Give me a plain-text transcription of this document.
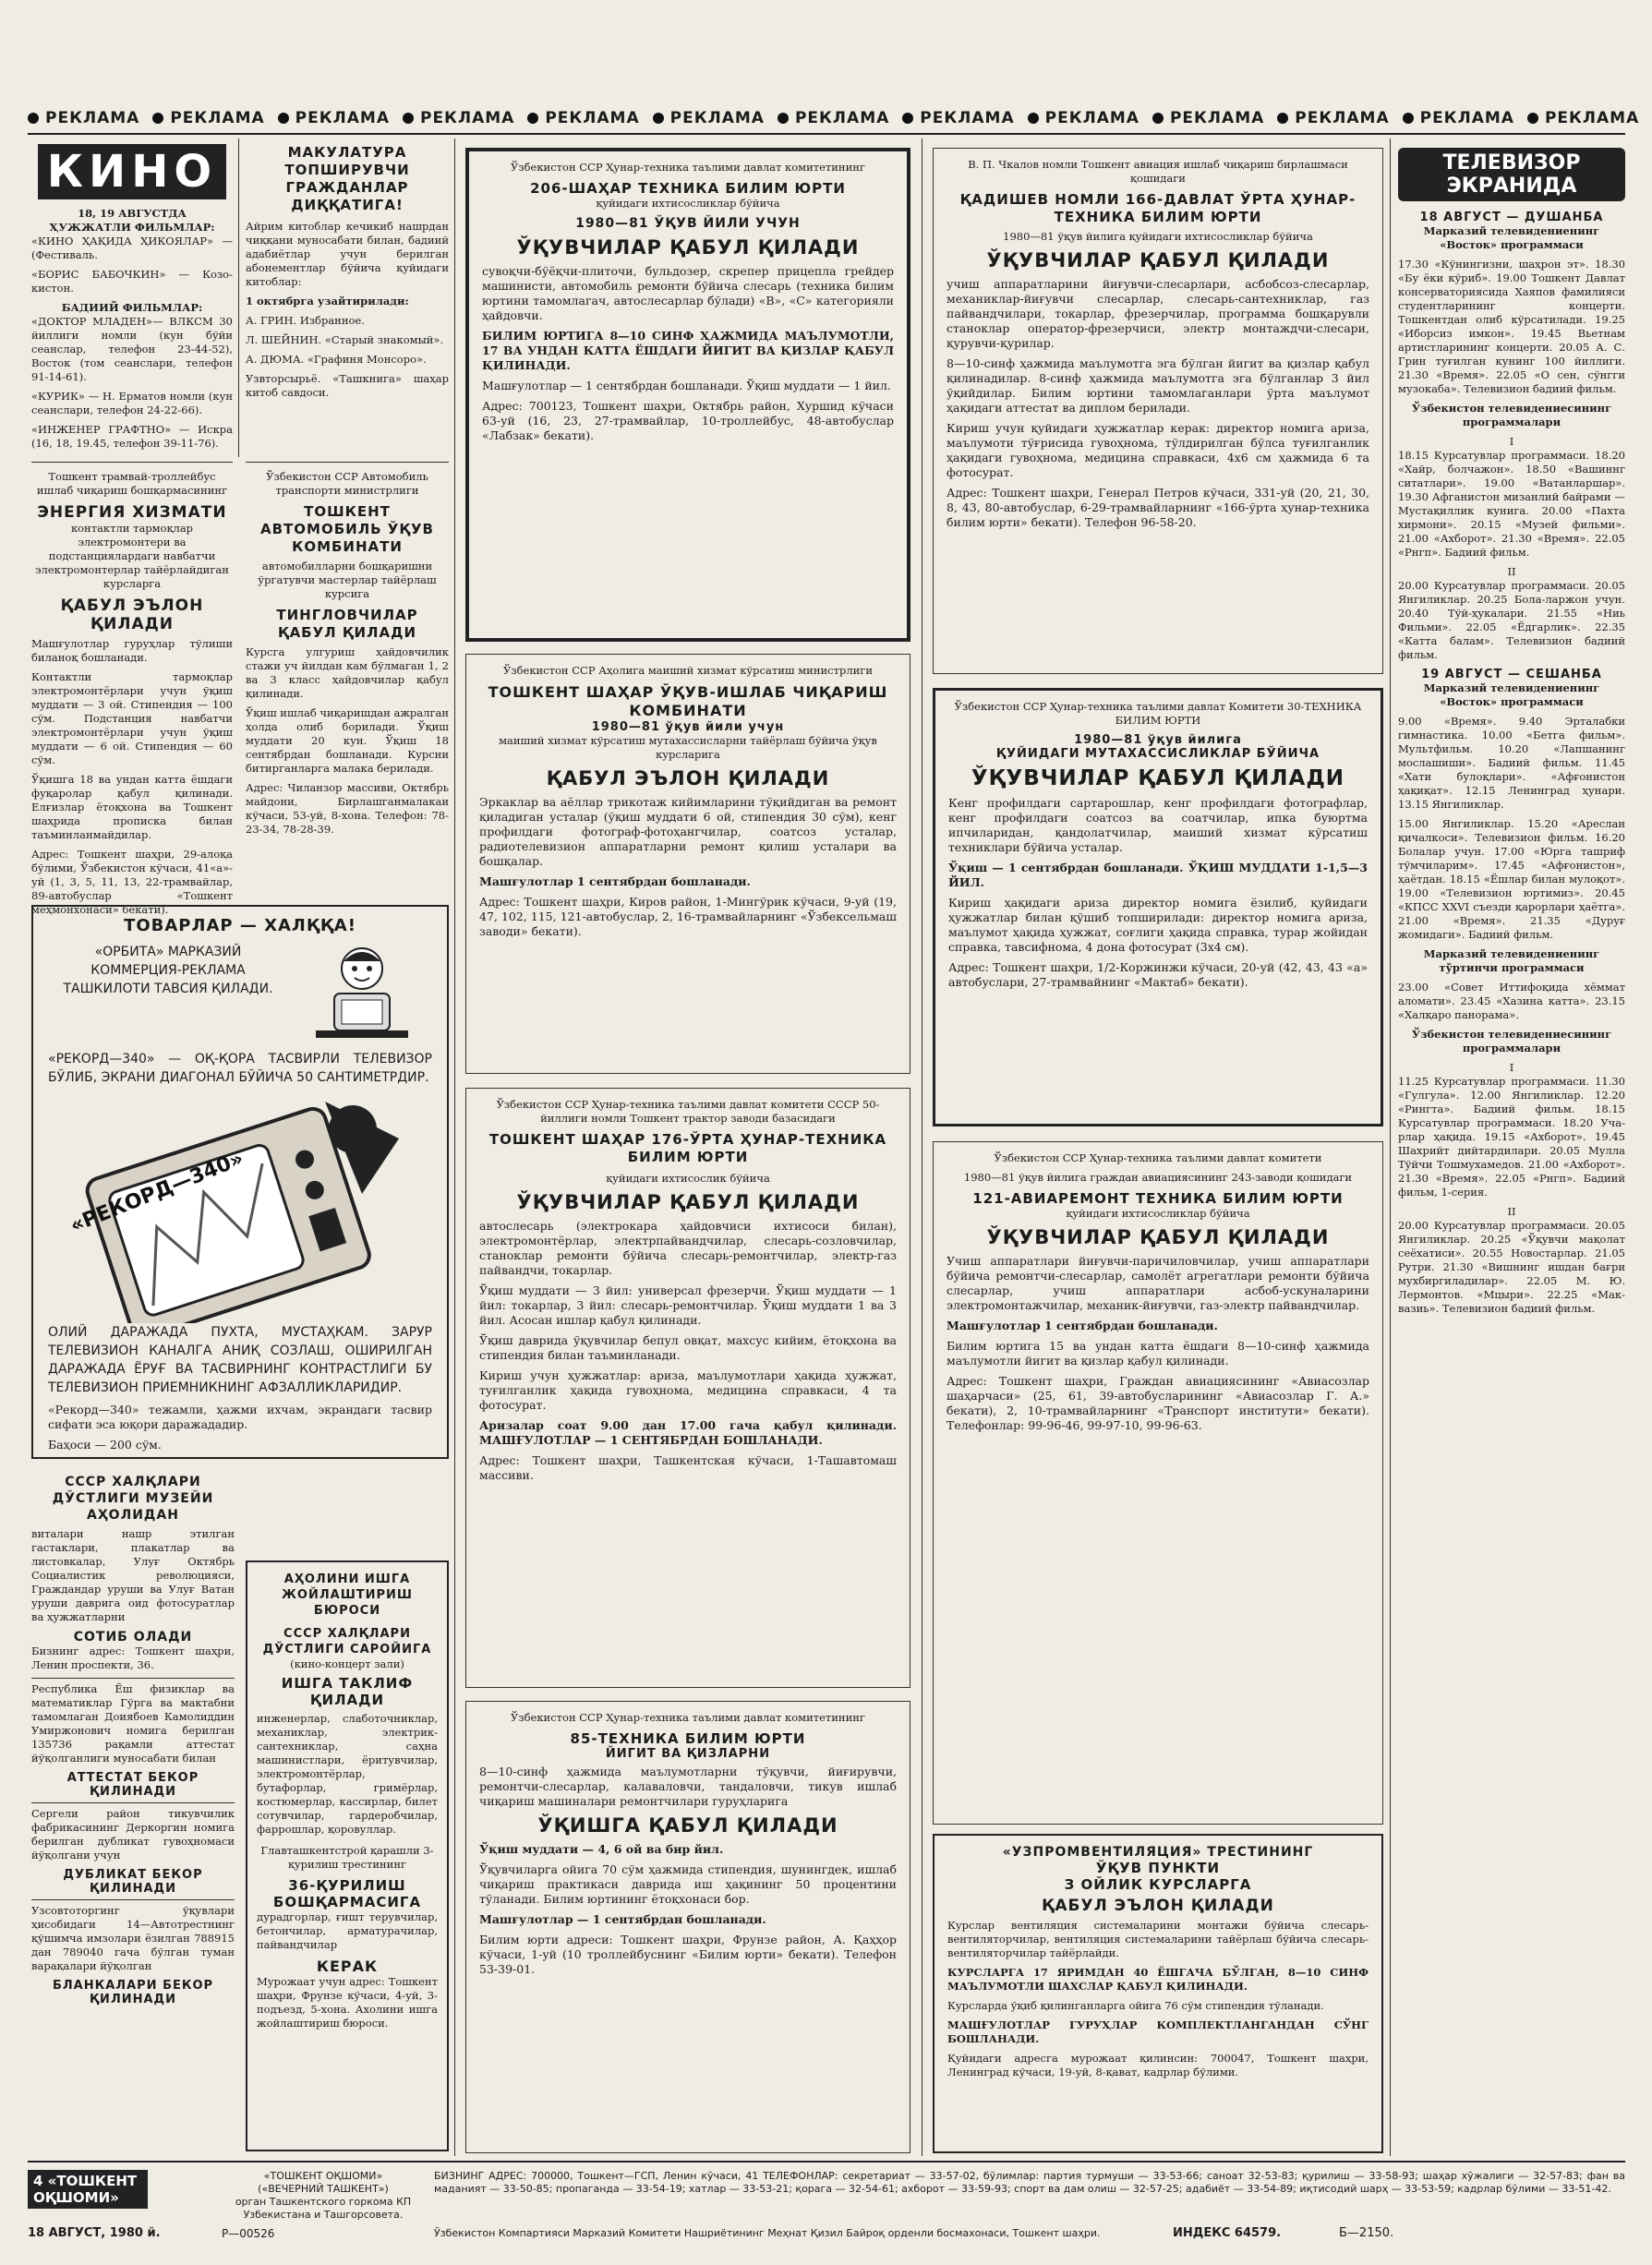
РЕКЛАМА РЕКЛАМА РЕКЛАМА РЕКЛАМА РЕКЛАМА РЕКЛАМА РЕКЛАМА РЕКЛАМА РЕКЛАМА РЕКЛАМА РЕКЛАМА РЕКЛАМА РЕКЛАМА
КИНО
18, 19 АВГУСТДА
ҲУЖЖАТЛИ ФИЛЬМЛАР:

«КИНО ҲАҚИДА ҲИКОЯЛАР» — (Фестиваль.

«БОРИС БАБОЧКИН» — Козо-кистон.

БАДИИЙ ФИЛЬМЛАР:

«ДОКТОР МЛАДЕН»— ВЛКСМ 30 йиллиги номли (кун бўйи сеанслар, телефон 23-44-52), Восток (том сеанслари, телефон 91-14-61).

«КУРИК» — Н. Ерматов номли (кун сеанслари, телефон 24-22-66).

«ИНЖЕНЕР ГРАФТНО» — Искра (16, 18, 19.45, телефон 39-11-76).

Тошкент трамвай-троллейбус ишлаб чиқариш бошқармасининг

ЭНЕРГИЯ ХИЗМАТИ

контактли тармоқлар электромонтери ва подстанциялардаги навбатчи электромонтерлар тайёрлайдиган курсларга

ҚАБУЛ ЭЪЛОН ҚИЛАДИ

Машғулотлар гуруҳлар тўлиши биланоқ бошланади.

Контактли тармоқлар электромонтёрлари учун ўқиш муддати — 3 ой. Стипендия — 100 сўм. Подстанция навбатчи электромонтёрлари учун ўқиш муддати — 6 ой. Стипендия — 60 сўм.

Ўқишга 18 ва ундан катта ёшдаги фуқаролар қабул қилинади. Елғизлар ётоқхона ва Тошкент шаҳрида прописка билан таъминланмайдилар.

Адрес: Тошкент шаҳри, 29-алоқа бўлими, Ўзбекистон кўчаси, 41«а»-уй (1, 3, 5, 11, 13, 22-трамвайлар, 89-автобуслар «Тошкент меҳмонхонаси» бекати).

МАКУЛАТУРА ТОПШИРУВЧИ ГРАЖДАНЛАР ДИҚҚАТИГА!

Айрим китоблар кечикиб нашрдан чиққани муносабати билан, бадиий адабиётлар учун берилган абонементлар бўйича қуйидаги китоблар:

1 октябрга узайтирилади:

А. ГРИН. Избранное.

Л. ШЕЙНИН. «Старый знакомый».

А. ДЮМА. «Графиня Монсоро».

Узвторсырьё. «Ташкнига» шаҳар китоб савдоси.

Ўзбекистон ССР Автомобиль транспорти министрлиги

ТОШКЕНТ АВТОМОБИЛЬ ЎҚУВ КОМБИНАТИ

автомобилларни бошқаришни ўргатувчи мастерлар тайёрлаш курсига

ТИНГЛОВЧИЛАР ҚАБУЛ ҚИЛАДИ

Курсга улгуриш ҳайдовчилик стажи уч йилдан кам бўлмаган 1, 2 ва 3 класс ҳайдовчилар қабул қилинади.

Ўқиш ишлаб чиқаришдан ажралган ҳолда олиб борилади. Ўқиш муддати 20 кун. Ўқиш 18 сентябрдан бошланади. Курсни битирганларга малака берилади.

Адрес: Чиланзор массиви, Октябрь майдони, Бирлашганмалакаи кўчаси, 53-уй, 8-хона. Телефон: 78-23-34, 78-28-39.

ТОВАРЛАР — ХАЛҚҚА!

«ОРБИТА» МАРКАЗИЙ КОММЕРЦИЯ-РЕКЛАМА ТАШКИЛОТИ ТАВСИЯ ҚИЛАДИ.

«РЕКОРД—340» — ОҚ-ҚОРА ТАСВИРЛИ ТЕЛЕВИЗОР БЎЛИБ, ЭКРАНИ ДИАГОНАЛ БЎЙИЧА 50 САНТИМЕТРДИР.

«РЕКОРД—340»

ОЛИЙ ДАРАЖАДА ПУХТА, МУСТАҲКАМ. ЗАРУР ТЕЛЕВИЗИОН КАНАЛГА АНИҚ СОЗЛАШ, ОШИРИЛГАН ДАРАЖАДА ЁРУҒ ВА ТАСВИРНИНГ КОНТРАСТЛИГИ БУ ТЕЛЕВИЗИОН ПРИЕМНИКНИНГ АФЗАЛЛИКЛАРИДИР.

«Рекорд—340» тежамли, ҳажми ихчам, экрандаги тасвир сифати эса юқори даражададир.

Баҳоси — 200 сўм.

СССР ХАЛҚЛАРИ ДЎСТЛИГИ МУЗЕЙИ АҲОЛИДАН

виталари нашр этилган гастаклари, плакатлар ва листовкалар, Улуғ Октябрь Социалистик революцияси, Граждандар уруши ва Улуғ Ватан уруши даврига оид фотосуратлар ва ҳужжатларни

СОТИБ ОЛАДИ

Бизнинг адрес: Тошкент шаҳри, Ленин проспекти, 36.

Республика Ёш физиклар ва математиклар Гўрга ва мактабни тамомлаган Доиябоев Камолиддин Умиржонович номига берилган 135736 рақамли аттестат йўқолганлиги муносабати билан

АТТЕСТАТ БЕКОР ҚИЛИНАДИ

Сергели район тикувчилик фабрикасининг Деркоргин номига берилган дубликат гувоҳномаси йўқолгани учун

ДУБЛИКАТ БЕКОР ҚИЛИНАДИ

Узсовтоторгинг ўқувлари ҳисобидаги 14—Автотрестнинг қўшимча имзолари ёзилган 788915 дан 789040 гача бўлган туман варақалари йўқолган

БЛАНКАЛАРИ БЕКОР ҚИЛИНАДИ
АҲОЛИНИ ИШГА ЖОЙЛАШТИРИШ БЮРОСИ
СССР ХАЛҚЛАРИ ДЎСТЛИГИ САРОЙИГА
(кино-концерт зали)
ИШГА ТАКЛИФ ҚИЛАДИ

инженерлар, слаботочниклар, механиклар, электрик-сантехниклар, саҳна машинистлари, ёритувчилар, электромонтёрлар, бутафорлар, гримёрлар, костюмерлар, кассирлар, билет сотувчилар, гардеробчилар, фаррошлар, қоровуллар.

Главташкентстрой қарашли 3-қурилиш трестининг

36-ҚУРИЛИШ БОШҚАРМАСИГА

дурадгорлар, ғишт терувчилар, бетончилар, арматурачилар, пайвандчилар

КЕРАК

Мурожаат учун адрес: Тошкент шаҳри, Фрунзе кўчаси, 4-уй, 3-подъезд, 5-хона. Ахолини ишга жойлаштириш бюроси.

Ўзбекистон ССР Ҳунар-техника таълими давлат комитетининг

206-ШАҲАР ТЕХНИКА БИЛИМ ЮРТИ

қуйидаги ихтисосликлар бўйича

1980—81 ЎҚУВ ЙИЛИ УЧУН
ЎҚУВЧИЛАР ҚАБУЛ ҚИЛАДИ

сувоқчи-бўёқчи-плиточи, бульдозер, скрепер прицепла грейдер машинисти, автомобиль ремонти бўйича слесарь (техника билим юртини тамомлагач, автослесарлар бўлади) «В», «С» категорияли ҳайдовчи.

БИЛИМ ЮРТИГА 8—10 СИНФ ҲАЖМИДА МАЪЛУМОТЛИ, 17 ВА УНДАН КАТТА ЁШДАГИ ЙИГИТ ВА ҚИЗЛАР ҚАБУЛ ҚИЛИНАДИ.

Машғулотлар — 1 сентябрдан бошланади. Ўқиш муддати — 1 йил.

Адрес: 700123, Тошкент шаҳри, Октябрь район, Хуршид кўчаси 63-уй (16, 23, 27-трамвайлар, 10-троллейбус, 48-автобуслар «Лабзак» бекати).

Ўзбекистон ССР Аҳолига маиший хизмат кўрсатиш министрлиги

ТОШКЕНТ ШАҲАР ЎҚУВ-ИШЛАБ ЧИҚАРИШ КОМБИНАТИ
1980—81 ўқув йили учун

маиший хизмат кўрсатиш мутахассисларни тайёрлаш бўйича ўқув курсларига

ҚАБУЛ ЭЪЛОН ҚИЛАДИ

Эркаклар ва аёллар трикотаж кийимларини тўқийдиган ва ремонт қиладиган усталар (ўқиш муддати 6 ой, стипендия 30 сўм), кенг профилдаги фотограф-фотоҳангчилар, соатсоз усталар, радиотелевизион аппаратларни ремонт қилиш усталари ва бошқалар.

Машғулотлар 1 сентябрдан бошланади.

Адрес: Тошкент шаҳри, Киров район, 1-Мингўрик кўчаси, 9-уй (19, 47, 102, 115, 121-автобуслар, 2, 16-трамвайларнинг «Ўзбексельмаш заводи» бекати).

Ўзбекистон ССР Ҳунар-техника таълими давлат комитети СССР 50-йиллиги номли Тошкент трактор заводи базасидаги

ТОШКЕНТ ШАҲАР 176-ЎРТА ҲУНАР-ТЕХНИКА БИЛИМ ЮРТИ

қуйидаги ихтисослик бўйича

ЎҚУВЧИЛАР ҚАБУЛ ҚИЛАДИ

автослесарь (электрокара ҳайдовчиси ихтисоси билан), электромонтёрлар, электрпайвандчилар, слесарь-созловчилар, станоклар ремонти бўйича слесарь-ремонтчилар, электр-газ пайвандчи, токарлар.

Ўқиш муддати — 3 йил: универсал фрезерчи. Ўқиш муддати — 1 йил: токарлар, 3 йил: слесарь-ремонтчилар. Ўқиш муддати 1 ва 3 йил. Асосан ишлар қабул қилинади.

Ўқиш даврида ўқувчилар бепул овқат, махсус кийим, ётоқхона ва стипендия билан таъминланади.

Кириш учун ҳужжатлар: ариза, маълумотлари ҳақида ҳужжат, туғилганлик ҳақида гувоҳнома, медицина справкаси, 4 та фотосурат.

Аризалар соат 9.00 дан 17.00 гача қабул қилинади. МАШҒУЛОТЛАР — 1 СЕНТЯБРДАН БОШЛАНАДИ.

Адрес: Тошкент шаҳри, Ташкентская кўчаси, 1-Ташавтомаш массиви.

Ўзбекистон ССР Ҳунар-техника таълими давлат комитетининг

85-ТЕХНИКА БИЛИМ ЮРТИ
ЙИГИТ ВА ҚИЗЛАРНИ

8—10-синф ҳажмида маълумотларни тўқувчи, йиғирувчи, ремонтчи-слесарлар, калаваловчи, тандаловчи, тикув ишлаб чиқариш машиналари ремонтчилари гуруҳларига

ЎҚИШГА ҚАБУЛ ҚИЛАДИ

Ўқиш муддати — 4, 6 ой ва бир йил.

Ўқувчиларга ойига 70 сўм ҳажмида стипендия, шунингдек, ишлаб чиқариш практикаси даврида иш ҳақининг 50 процентини тўланади. Билим юртининг ётоқхонаси бор.

Машғулотлар — 1 сентябрдан бошланади.

Билим юрти адреси: Тошкент шаҳри, Фрунзе район, А. Қаҳҳор кўчаси, 1-уй (10 троллейбуснинг «Билим юрти» бекати). Телефон 53-39-01.

В. П. Чкалов номли Тошкент авиация ишлаб чиқариш бирлашмаси қошидаги

ҚАДИШЕВ НОМЛИ 166-ДАВЛАТ ЎРТА ҲУНАР-ТЕХНИКА БИЛИМ ЮРТИ

1980—81 ўқув йилига қуйидаги ихтисосликлар бўйича

ЎҚУВЧИЛАР ҚАБУЛ ҚИЛАДИ

учиш аппаратларини йиғувчи-слесарлари, асбобсоз-слесарлар, механиклар-йиғувчи слесарлар, слесарь-сантехниклар, газ пайвандчилари, токарлар, фрезерчилар, программа бошқарувли станоклар оператор-фрезерчиси, электр монтаждчи-слесари, қурувчи-қурилар.

8—10-синф ҳажмида маълумотга эга бўлган йигит ва қизлар қабул қилинадилар. 8-синф ҳажмида маълумотга эга бўлганлар 3 йил ўқийдилар. Билим юртини тамомлаганлари ўрта маълумот ҳақидаги аттестат ва диплом берилади.

Кириш учун қуйидаги ҳужжатлар керак: директор номига ариза, маълумоти тўғрисида гувоҳнома, тўлдирилган бўлса туғилганлик ҳақидаги гувоҳнома, медицина справкаси, 4х6 см ҳажмида 6 та фотосурат.

Адрес: Тошкент шаҳри, Генерал Петров кўчаси, 331-уй (20, 21, 30, 8, 43, 80-автобуслар, 6-29-трамвайларнинг «166-ўрта ҳунар-техника билим юрти» бекати). Телефон 96-58-20.

Ўзбекистон ССР Ҳунар-техника таълими давлат Комитети 30-ТЕХНИКА БИЛИМ ЮРТИ

1980—81 ўқув йилига
ҚУЙИДАГИ МУТАХАССИСЛИКЛАР БЎЙИЧА
ЎҚУВЧИЛАР ҚАБУЛ ҚИЛАДИ

Кенг профилдаги сартарошлар, кенг профилдаги фотографлар, кенг профилдаги соатсоз ва соатчилар, ипка буюртма ипчиларидан, қандолатчилар, маиший хизмат кўрсатиш техниклари бўйича усталар.

Ўқиш — 1 сентябрдан бошланади. ЎҚИШ МУДДАТИ 1-1,5—3 ЙИЛ.

Кириш ҳақидаги ариза директор номига ёзилиб, қуйидаги ҳужжатлар билан қўшиб топширилади: директор номига ариза, маълумот ҳақида ҳужжат, соғлиги ҳақида справка, турар жойидан справка, тавсифнома, 4 дона фотосурат (3х4 см).

Адрес: Тошкент шаҳри, 1/2-Коржинжи кўчаси, 20-уй (42, 43, 43 «а» автобуслари, 27-трамвайнинг «Мактаб» бекати).

Ўзбекистон ССР Ҳунар-техника таълими давлат комитети

1980—81 ўқув йилига граждан авиациясининг 243-заводи қошидаги

121-АВИАРЕМОНТ ТЕХНИКА БИЛИМ ЮРТИ

қуйидаги ихтисосликлар бўйича

ЎҚУВЧИЛАР ҚАБУЛ ҚИЛАДИ

Учиш аппаратлари йиғувчи-паричиловчилар, учиш аппаратлари бўйича ремонтчи-слесарлар, самолёт агрегатлари ремонти бўйича слесарлар, учиш аппаратлари асбоб-ускуналарини электромонтажчилар, механик-йиғувчи, газ-электр пайвандчилар.

Машғулотлар 1 сентябрдан бошланади.

Билим юртига 15 ва ундан катта ёшдаги 8—10-синф ҳажмида маълумотли йигит ва қизлар қабул қилинади.

Адрес: Тошкент шаҳри, Граждан авиациясининг «Авиасозлар шаҳарчаси» (25, 61, 39-автобусларининг «Авиасозлар Г. А.» бекати), 2, 10-трамвайларнинг «Транспорт институти» бекати). Телефонлар: 99-96-46, 99-97-10, 99-96-63.

«УЗПРОМВЕНТИЛЯЦИЯ» ТРЕСТИНИНГ
ЎҚУВ ПУНКТИ
З ОЙЛИК КУРСЛАРГА
ҚАБУЛ ЭЪЛОН ҚИЛАДИ

Курслар вентиляция системаларини монтажи бўйича слесарь-вентиляторчилар, вентиляция системаларини тайёрлаш бўйича слесарь-вентиляторчилар тайёрлайди.

КУРСЛАРГА 17 ЯРИМДАН 40 ЁШГАЧА БЎЛГАН, 8—10 СИНФ МАЪЛУМОТЛИ ШАХСЛАР ҚАБУЛ ҚИЛИНАДИ.

Курсларда ўқиб қилинганларга ойига 76 сўм стипендия тўланади.

МАШҒУЛОТЛАР ГУРУҲЛАР КОМПЛЕКТЛАНГАНДАН СЎНГ БОШЛАНАДИ.

Қуйидаги адресга мурожаат қилинсин: 700047, Тошкент шаҳри, Ленинград кўчаси, 19-уй, 8-қават, кадрлар бўлими.

ТЕЛЕВИЗОР ЭКРАНИДА
18 АВГУСТ — ДУШАНБА

Марказий телевидениенинг «Восток» программаси

17.30 «Кўнингизни, шаҳрон эт». 18.30 «Бу ёки кўриб». 19.00 Тошкент Давлат консерваториясида Хаяпов фамилияси студентларининг концерти. Тошкентдан олиб кўрсатилади. 19.25 «Иборсиз имкон». 19.45 Вьетнам артистларининг концерти. 20.05 А. С. Грин туғилган кунинг 100 йиллиги. 21.30 «Время». 22.05 «О сен, сўнгги музокаба». Телевизион бадиий фильм.

Ўзбекистон телевидениесининг программалари

I

18.15 Курсатувлар программаси. 18.20 «Хайр, болчажон». 18.50 «Вашиннг ситатлари». 19.00 «Ватанларшар». 19.30 Афганистон мизанлий байрами — Мустақиллик кунига. 20.00 «Пахта хирмони». 20.15 «Музей фильми». 21.00 «Ахборот». 21.30 «Время». 22.05 «Рнгп». Бадиий фильм.

II

20.00 Курсатувлар программаси. 20.05 Янгиликлар. 20.25 Бола-ларжон учун. 20.40 Тўй-ҳукалари. 21.55 «Ниь Фильми». 22.05 «Ёдгарлик». 22.35 «Катта балам». Телевизион бадиий фильм.

19 АВГУСТ — СЕШАНБА

Марказий телевидениенинг «Восток» программаси

9.00 «Время». 9.40 Эрталабки гимнастика. 10.00 «Бетга фильм». Мультфильм. 10.20 «Лапшанинг мослашиши». Бадиий фильм. 11.45 «Хати булоқлари». «Афғонистон ҳақиқат». 12.15 Ленинград ҳунари. 13.15 Янгиликлар.

15.00 Янгиликлар. 15.20 «Ареслан қичалкоси». Телевизион фильм. 16.20 Болалар учун. 17.00 «Юрга ташриф тўмчиларим». 17.45 «Афғонистон», ҳаётдан. 18.15 «Ёшлар билан мулоқот». 19.00 «Телевизион юртимиз». 20.45 «КПСС XXVI съезди қарорлари ҳаётга». 21.00 «Время». 21.35 «Дуруғ жомидаги». Бадиий фильм.

Марказий телевидениенинг тўртинчи программаси

23.00 «Совет Иттифоқида хёммат аломати». 23.45 «Хазина катта». 23.15 «Халқаро панорама».

Ўзбекистон телевидениесининг программалари

I

11.25 Курсатувлар программаси. 11.30 «Гулгула». 12.00 Янгиликлар. 12.20 «Рингта». Бадиий фильм. 18.15 Курсатувлар программаси. 18.20 Уча-рлар ҳақида. 19.15 «Ахборот». 19.45 Шахрийт дийтардилари. 20.05 Мулла Тўйчи Тошмухамедов. 21.00 «Ахборот». 21.30 «Время». 22.05 «Рнгп». Бадиий фильм, 1-серия.

II

20.00 Курсатувлар программаси. 20.05 Янгиликлар. 20.25 «Ўқувчи мақолат сеёхатиси». 20.55 Новостарлар. 21.05 Рутри. 21.30 «Вишнинг ишдан бағри мухбиргиладилар». 22.05 М. Ю. Лермонтов. «Мцыри». 22.25 «Мак-вазиь». Телевизион бадиий фильм.

4 «ТОШКЕНТ ОҚШОМИ»
«ТОШКЕНТ ОҚШОМИ»
(«ВЕЧЕРНИЙ ТАШКЕНТ»)
орган Ташкентского горкома КП Узбекистана и Ташгорсовета.
БИЗНИНГ АДРЕС: 700000, Тошкент—ГСП, Ленин кўчаси, 41 ТЕЛЕФОНЛАР: секретариат — 33-57-02, бўлимлар: партия турмуши — 33-53-66; саноат 32-53-83; қурилиш — 33-58-93; шаҳар хўжалиги — 32-57-83; фан ва маданият — 33-50-85; пропаганда — 33-54-19; хатлар — 33-53-21; қорага — 32-54-61; ахборот — 33-59-93; спорт ва дам олиш — 32-57-25; адабиёт — 33-54-89; иқтисодий шарҳ — 33-53-59; кадрлар бўлими — 33-51-42.
18 АВГУСТ, 1980 й.	Р—00526	Ўзбекистон Компартияси Марказий Комитети Нашриётининг Меҳнат Қизил Байроқ орденли босмахонаси, Тошкент шаҳри.	ИНДЕКС 64579.	Б—2150.
